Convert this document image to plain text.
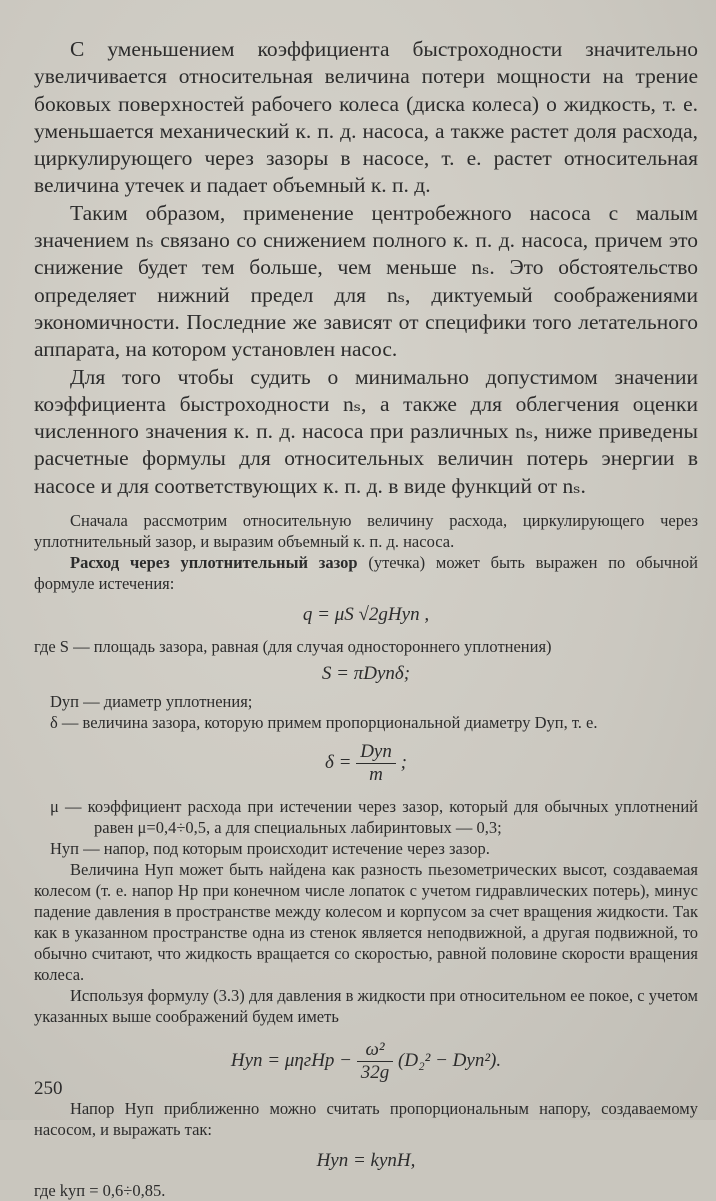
С уменьшением коэффициента быстроходности значительно увеличивается относительная величина потери мощности на трение боковых поверхностей рабочего колеса (диска колеса) о жидкость, т. е. уменьшается механический к. п. д. насоса, а также растет доля расхода, циркулирующего через зазоры в насосе, т. е. растет относительная величина утечек и падает объемный к. п. д.

Таким образом, применение центробежного насоса с малым значением nₛ связано со снижением полного к. п. д. насоса, причем это снижение будет тем больше, чем меньше nₛ. Это обстоятельство определяет нижний предел для nₛ, диктуемый соображениями экономичности. Последние же зависят от специфики того летательного аппарата, на котором установлен насос.

Для того чтобы судить о минимально допустимом значении коэффициента быстроходности nₛ, а также для облегчения оценки численного значения к. п. д. насоса при различных nₛ, ниже приведены расчетные формулы для относительных величин потерь энергии в насосе и для соответствующих к. п. д. в виде функций от nₛ.

Сначала рассмотрим относительную величину расхода, циркулирующего через уплотнительный зазор, и выразим объемный к. п. д. насоса.

Расход через уплотнительный зазор (утечка) может быть выражен по обычной формуле истечения:

q = μS √2gHуп ,

где S — площадь зазора, равная (для случая одностороннего уплотнения)

S = πDупδ;

Dуп — диаметр уплотнения;

δ — величина зазора, которую примем пропорциональной диаметру Dуп, т. е.

$\delta = \frac{\text{Dуп}}{m}$ ;

μ — коэффициент расхода при истечении через зазор, который для обычных уплотнений равен μ=0,4÷0,5, а для специальных лабиринтовых — 0,3;

Hуп — напор, под которым происходит истечение через зазор.

Величина Hуп может быть найдена как разность пьезометрических высот, создаваемая колесом (т. е. напор Hр при конечном числе лопаток с учетом гидравлических потерь), минус падение давления в пространстве между колесом и корпусом за счет вращения жидкости. Так как в указанном пространстве одна из стенок является неподвижной, а другая подвижной, то обычно считают, что жидкость вращается со скоростью, равной половине скорости вращения колеса.

Используя формулу (3.3) для давления в жидкости при относительном ее покое, с учетом указанных выше соображений будем иметь

Hуп = $\mu\eta гHр - \frac{\text{ω²}}{32g} (D_2^2 - Dуп^2)$.

Напор Hуп приближенно можно считать пропорциональным напору, создаваемому насосом, и выражать так:

Hуп = kупH,

где kуп = 0,6÷0,85.

250
